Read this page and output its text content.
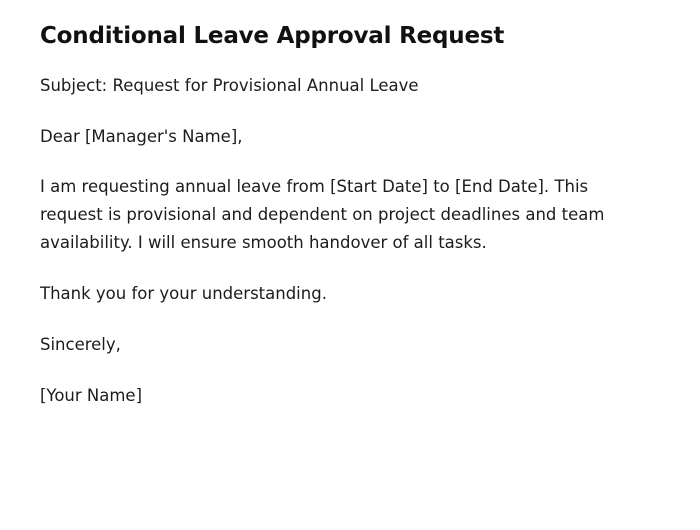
Conditional Leave Approval Request

Subject: Request for Provisional Annual Leave

Dear [Manager's Name],

I am requesting annual leave from [Start Date] to [End Date]. This request is provisional and dependent on project deadlines and team availability. I will ensure smooth handover of all tasks.

Thank you for your understanding.

Sincerely,

[Your Name]
